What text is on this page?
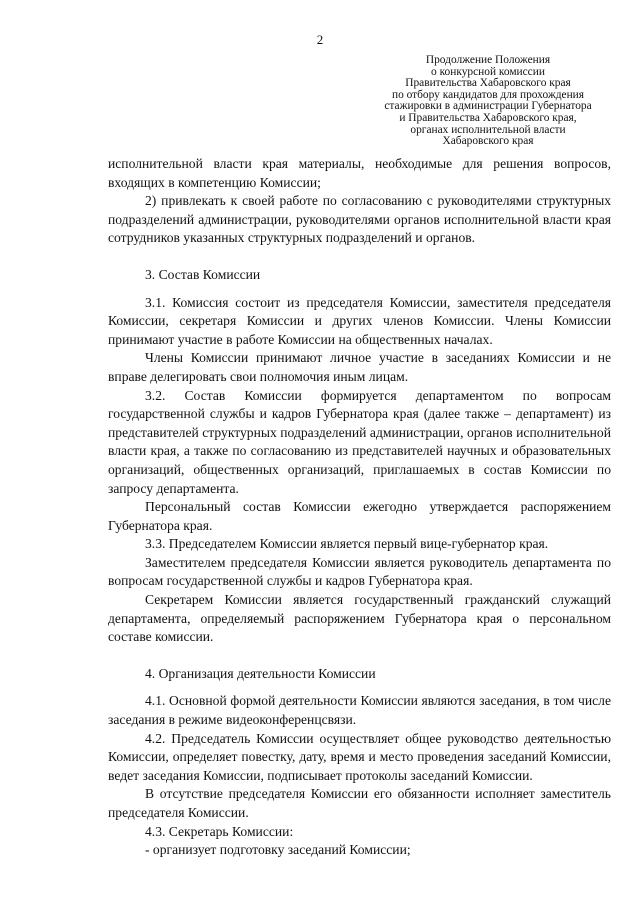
2
Продолжение Положения
о конкурсной комиссии
Правительства Хабаровского края
по отбору кандидатов для прохождения
стажировки в администрации Губернатора
и Правительства Хабаровского края,
органах исполнительной власти
Хабаровского края

исполнительной власти края материалы, необходимые для решения вопросов, входящих в компетенцию Комиссии;

2) привлекать к своей работе по согласованию с руководителями структурных подразделений администрации, руководителями органов исполнительной власти края сотрудников указанных структурных подразделений и органов.

3. Состав Комиссии

3.1. Комиссия состоит из председателя Комиссии, заместителя председателя Комиссии, секретаря Комиссии и других членов Комиссии. Члены Комиссии принимают участие в работе Комиссии на общественных началах.

Члены Комиссии принимают личное участие в заседаниях Комиссии и не вправе делегировать свои полномочия иным лицам.

3.2. Состав Комиссии формируется департаментом по вопросам государственной службы и кадров Губернатора края (далее также – департамент) из представителей структурных подразделений администрации, органов исполнительной власти края, а также по согласованию из представителей научных и образовательных организаций, общественных организаций, приглашаемых в состав Комиссии по запросу департамента.

Персональный состав Комиссии ежегодно утверждается распоряжением Губернатора края.

3.3. Председателем Комиссии является первый вице-губернатор края.

Заместителем председателя Комиссии является руководитель департамента по вопросам государственной службы и кадров Губернатора края.

Секретарем Комиссии является государственный гражданский служащий департамента, определяемый распоряжением Губернатора края о персональном составе комиссии.

4. Организация деятельности Комиссии

4.1. Основной формой деятельности Комиссии являются заседания, в том числе заседания в режиме видеоконференцсвязи.

4.2. Председатель Комиссии осуществляет общее руководство деятельностью Комиссии, определяет повестку, дату, время и место проведения заседаний Комиссии, ведет заседания Комиссии, подписывает протоколы заседаний Комиссии.

В отсутствие председателя Комиссии его обязанности исполняет заместитель председателя Комиссии.

4.3. Секретарь Комиссии:

- организует подготовку заседаний Комиссии;
